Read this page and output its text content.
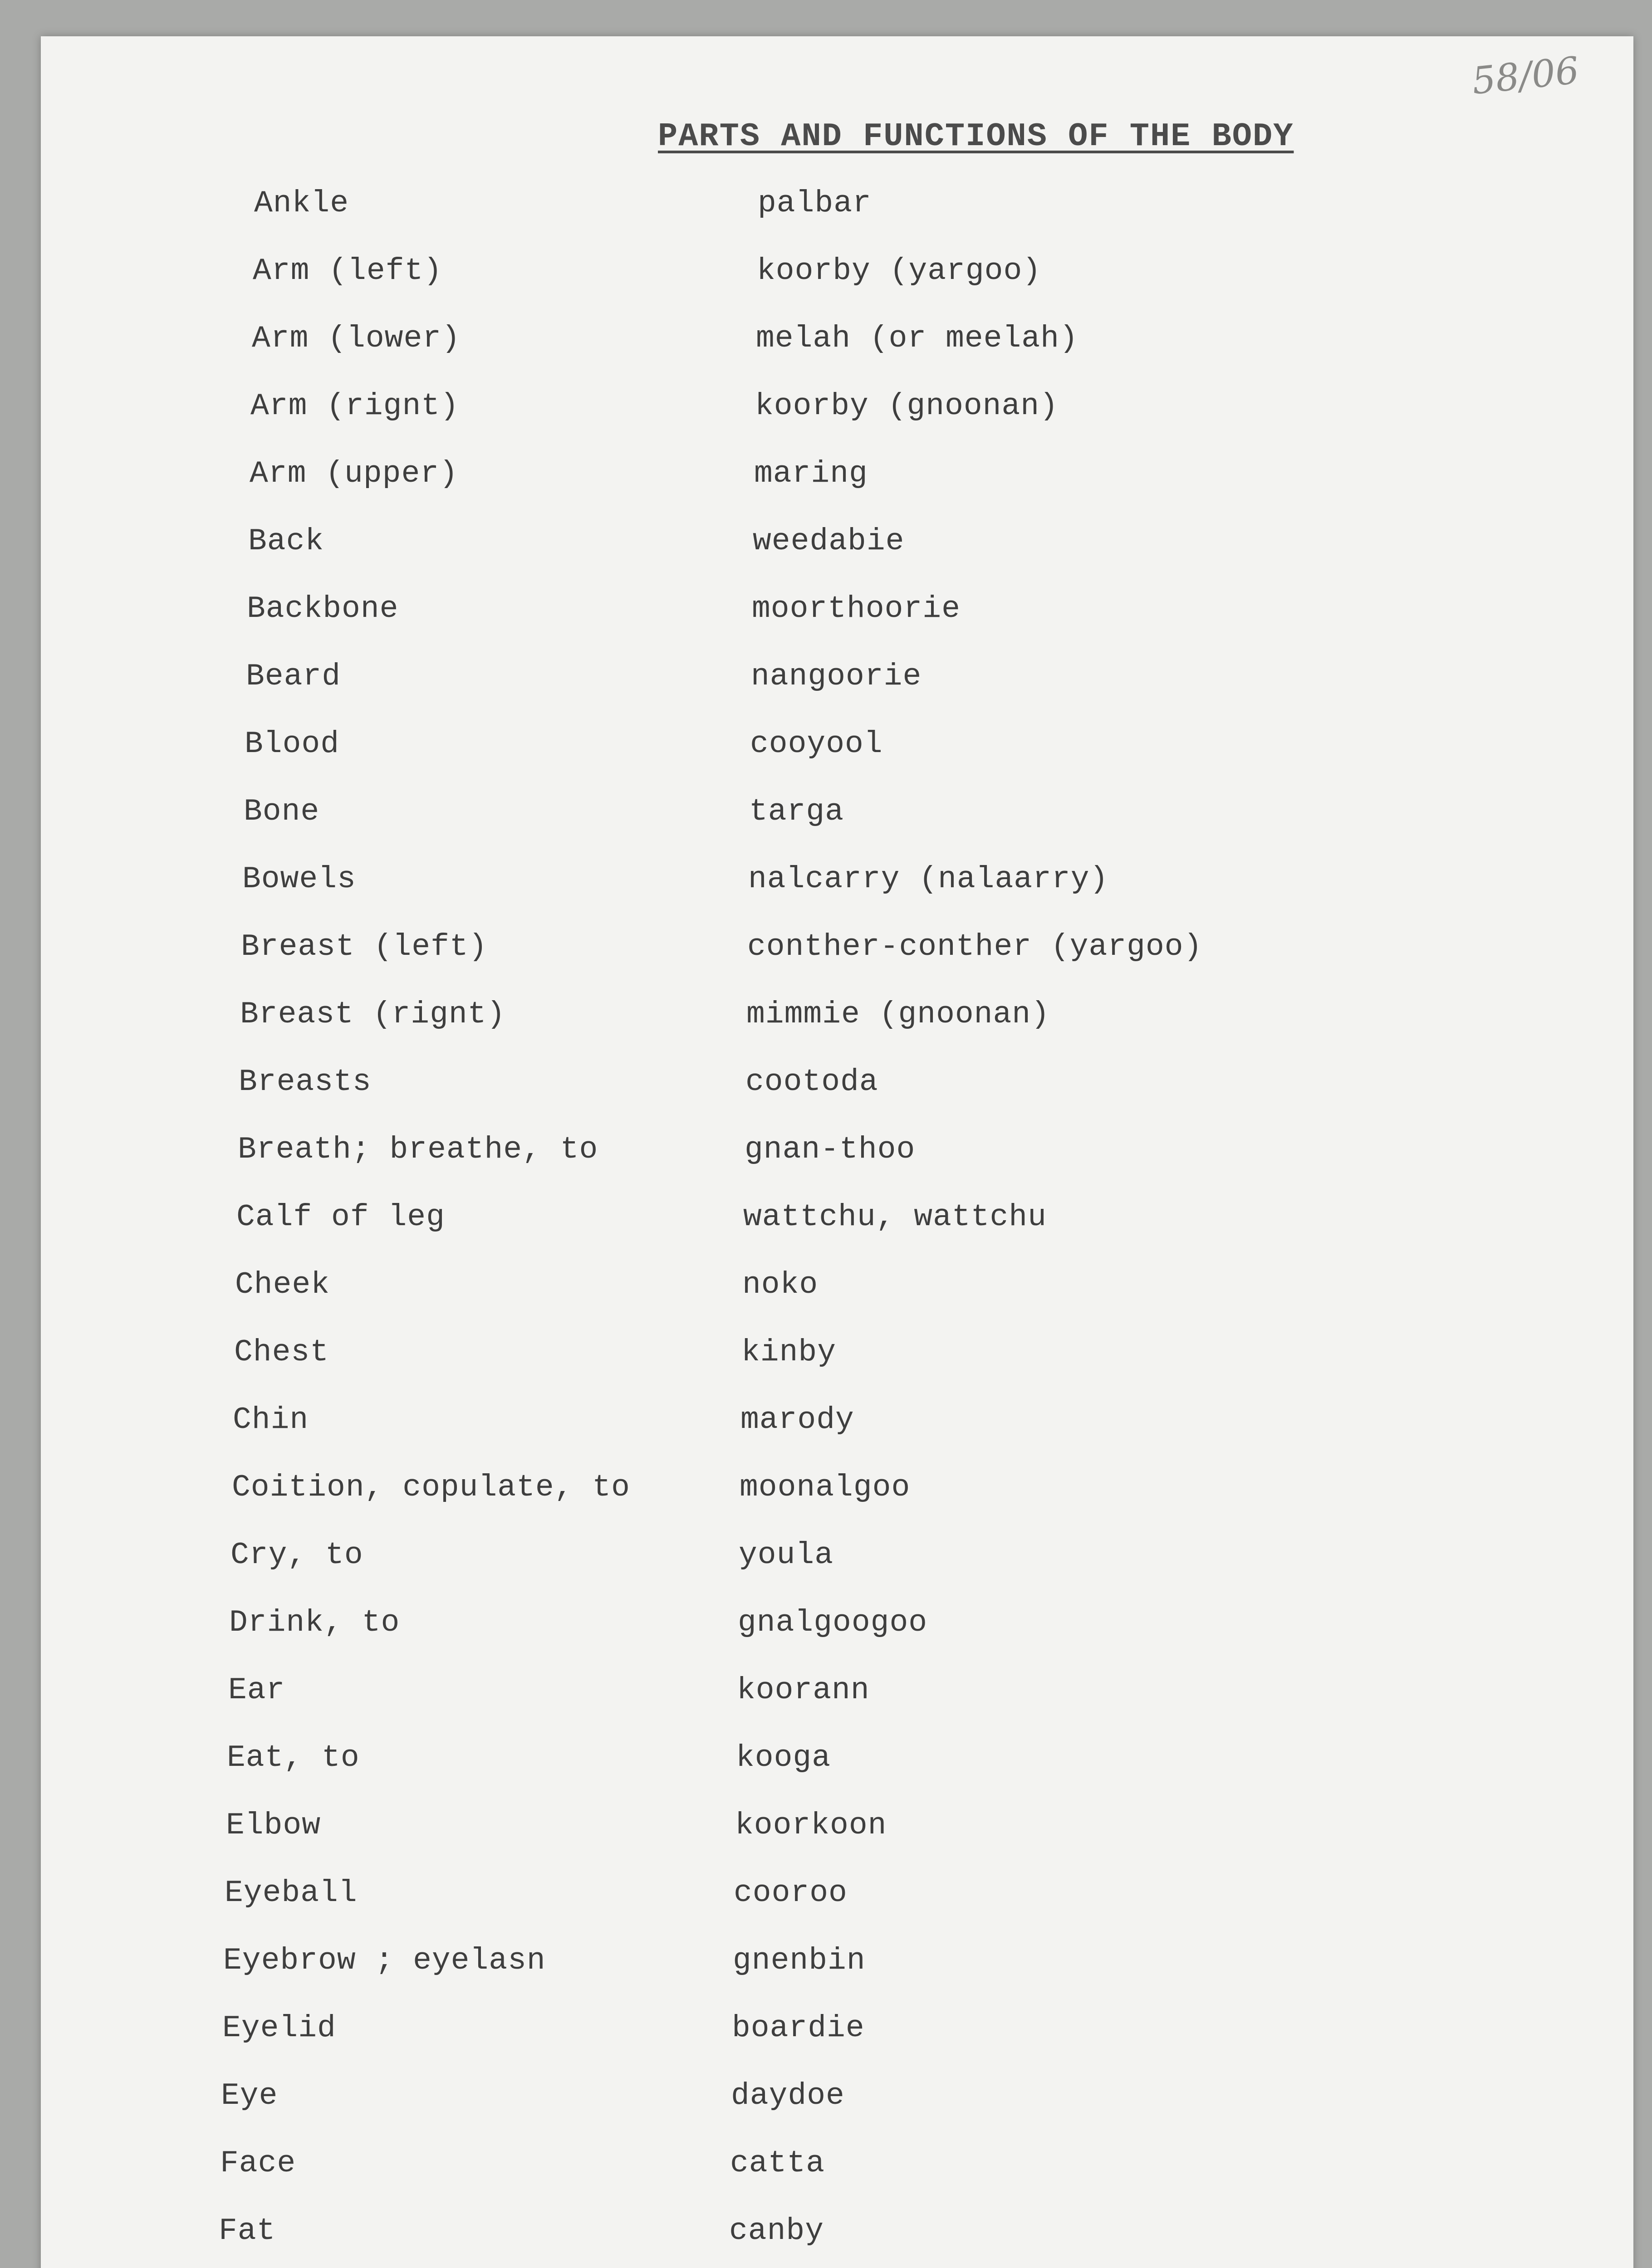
58/06
PARTS AND FUNCTIONS OF THE BODY
Ankle	palbar
Arm (left)	koorby (yargoo)
Arm (lower)	melah (or meelah)
Arm (rignt)	koorby (gnoonan)
Arm (upper)	maring
Back	weedabie
Backbone	moorthoorie
Beard	nangoorie
Blood	cooyool
Bone	targa
Bowels	nalcarry (nalaarry)
Breast (left)	conther-conther (yargoo)
Breast (rignt)	mimmie (gnoonan)
Breasts	cootoda
Breath; breathe, to	gnan-thoo
Calf of leg	wattchu, wattchu
Cheek	noko
Chest	kinby
Chin	marody
Coition, copulate, to	moonalgoo
Cry, to	youla
Drink, to	gnalgoogoo
Ear	koorann
Eat, to	kooga
Elbow	koorkoon
Eyeball	cooroo
Eyebrow ; eyelasn	gnenbin
Eyelid	boardie
Eye	daydoe
Face	catta
Fat	canby
